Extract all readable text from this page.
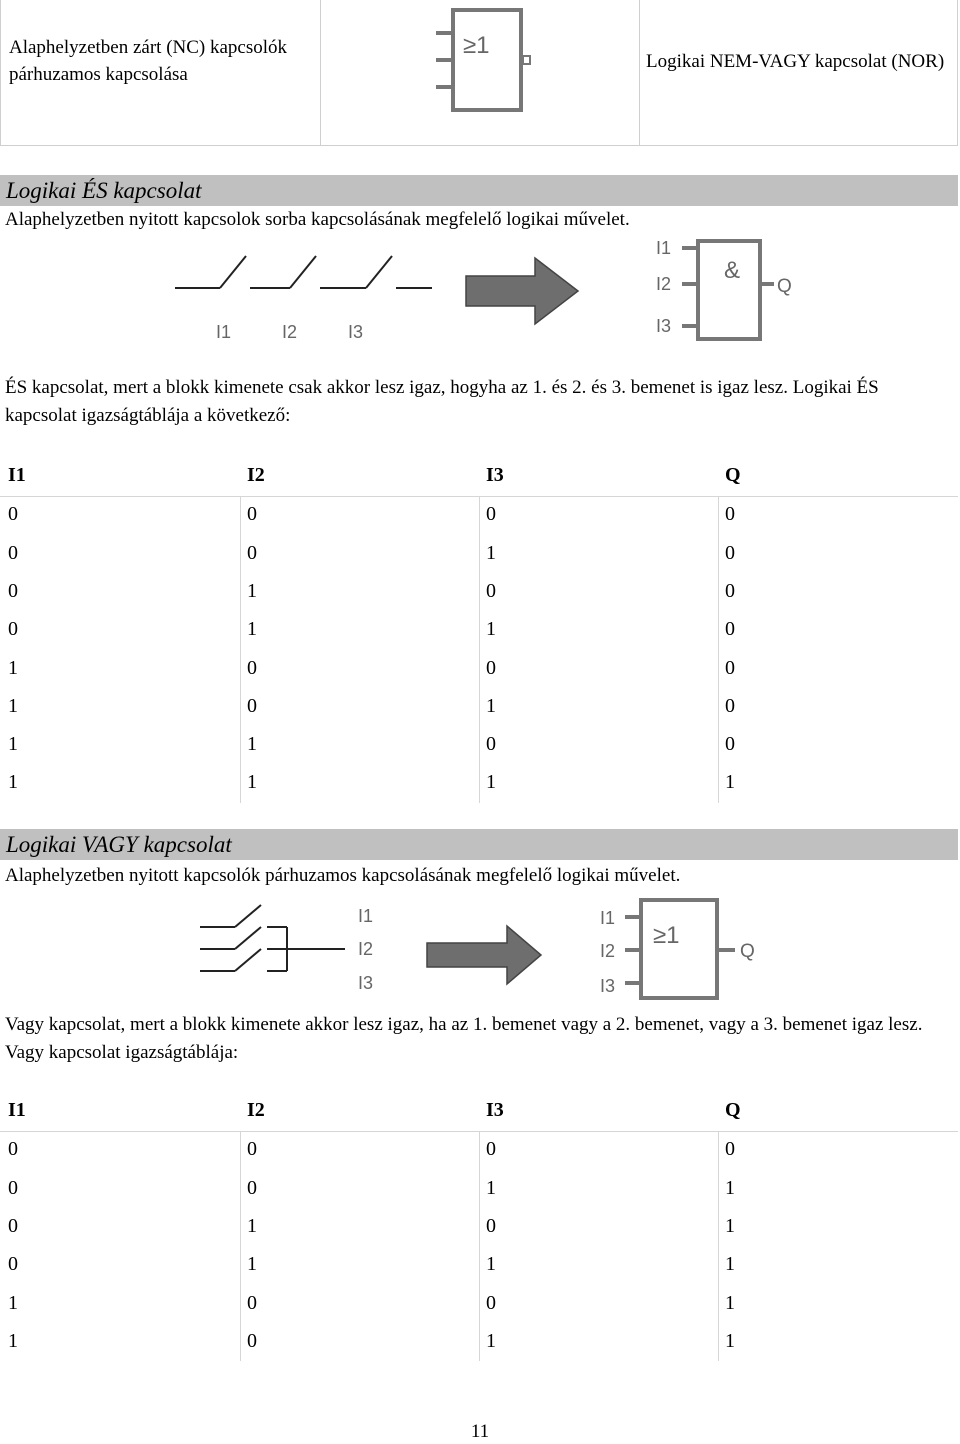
Alaphelyzetben zárt (NC) kapcsolók párhuzamos kapcsolása
≥1
Logikai NEM-VAGY kapcsolat (NOR)
Logikai ÉS kapcsolat
Alaphelyzetben nyitott kapcsolok sorba kapcsolásának megfelelő logikai művelet.
I1	I2	I3
I1
I2
I3
&
Q
ÉS kapcsolat, mert a blokk kimenete csak akkor lesz igaz, hogyha az 1. és 2. és 3. bemenet is igaz lesz. Logikai ÉS kapcsolat igazságtáblája a következő:
I1	I2	I3	Q
0	0	0	0
0	0	1	0
0	1	0	0
0	1	1	0
1	0	0	0
1	0	1	0
1	1	0	0
1	1	1	1
Logikai VAGY kapcsolat
Alaphelyzetben nyitott kapcsolók párhuzamos kapcsolásának megfelelő logikai művelet.
I1
I2
I3
I1
I2
I3
≥1
Q
Vagy kapcsolat, mert a blokk kimenete akkor lesz igaz, ha az 1. bemenet vagy a 2. bemenet, vagy a 3. bemenet igaz lesz. Vagy kapcsolat igazságtáblája:
I1	I2	I3	Q
0	0	0	0
0	0	1	1
0	1	0	1
0	1	1	1
1	0	0	1
1	0	1	1
11
